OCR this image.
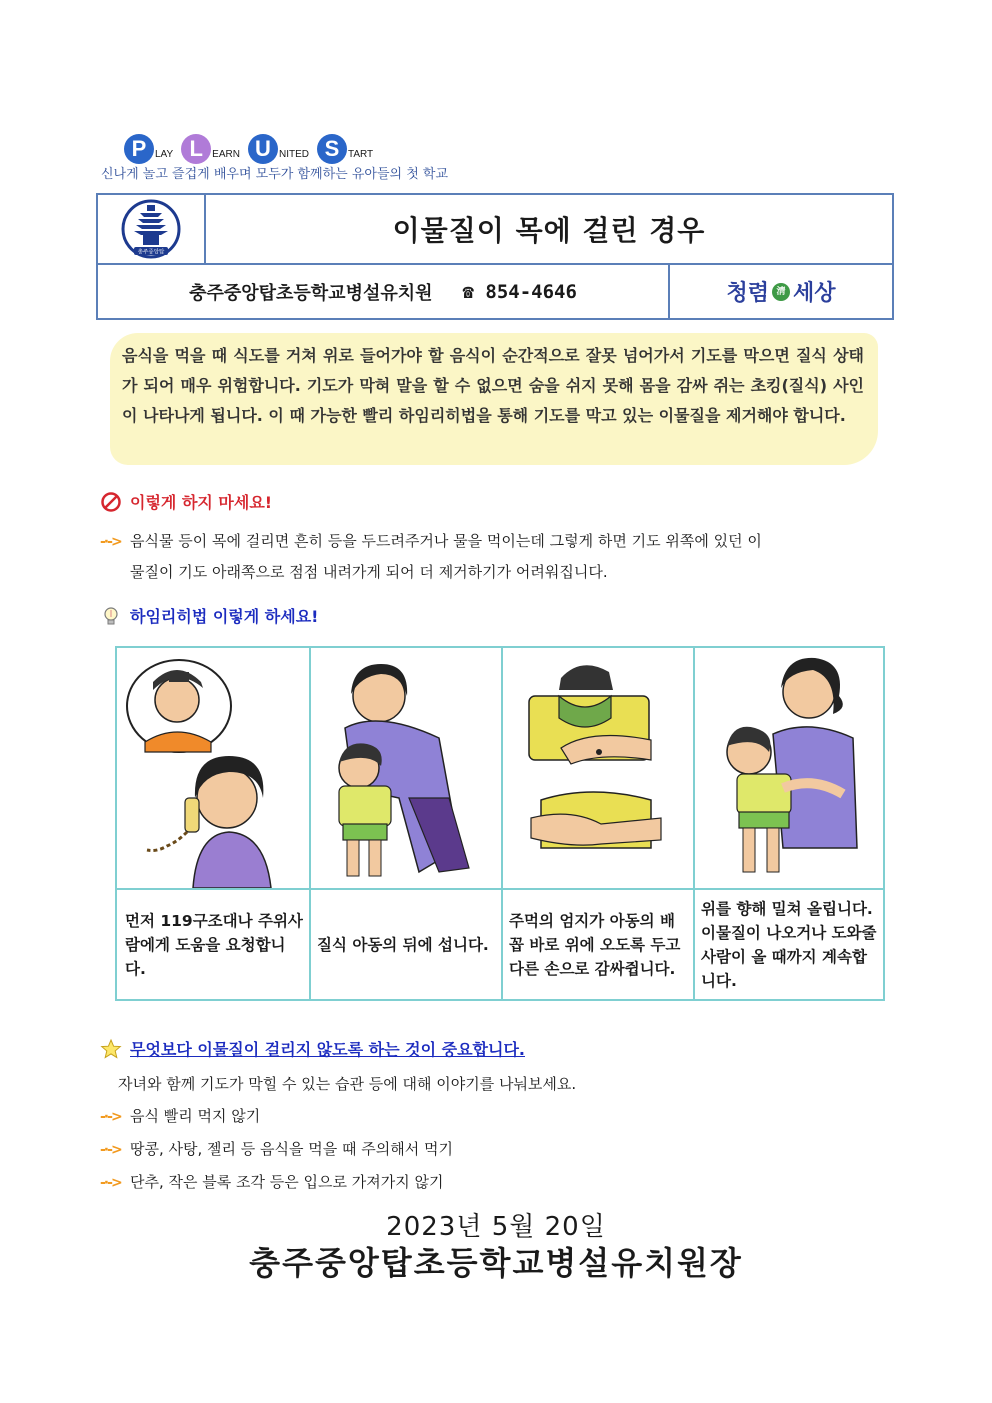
P LAY L EARN U NITED S TART
신나게 놀고 즐겁게 배우며 모두가 함께하는 유아들의 첫 학교
충주중앙탑
이물질이 목에 걸린 경우
충주중앙탑초등학교병설유치원 ☎ 854-4646	청렴 淸 세상
음식을 먹을 때 식도를 거쳐 위로 들어가야 할 음식이 순간적으로 잘못 넘어가서 기도를 막으면 질식 상태가 되어 매우 위험합니다. 기도가 막혀 말을 할 수 없으면 숨을 쉬지 못해 몸을 감싸 쥐는 초킹(질식) 사인이 나타나게 됩니다. 이 때 가능한 빨리 하임리히법을 통해 기도를 막고 있는 이물질을 제거해야 합니다.
이렇게 하지 마세요!
-·-> 음식물 등이 목에 걸리면 흔히 등을 두드려주거나 물을 먹이는데 그렇게 하면 기도 위쪽에 있던 이
물질이 기도 아래쪽으로 점점 내려가게 되어 더 제거하기가 어려워집니다.
하임리히법 이렇게 하세요!
먼저 119구조대나 주위사람에게 도움을 요청합니다.
질식 아동의 뒤에 섭니다.
주먹의 엄지가 아동의 배꼽 바로 위에 오도록 두고 다른 손으로 감싸쥡니다.
위를 향해 밀쳐 올립니다. 이물질이 나오거나 도와줄 사람이 올 때까지 계속합니다.
무엇보다 이물질이 걸리지 않도록 하는 것이 중요합니다.
자녀와 함께 기도가 막힐 수 있는 습관 등에 대해 이야기를 나눠보세요.
-·-> 음식 빨리 먹지 않기
-·-> 땅콩, 사탕, 젤리 등 음식을 먹을 때 주의해서 먹기
-·-> 단추, 작은 블록 조각 등은 입으로 가져가지 않기
2023년 5월 20일
충주중앙탑초등학교병설유치원장
